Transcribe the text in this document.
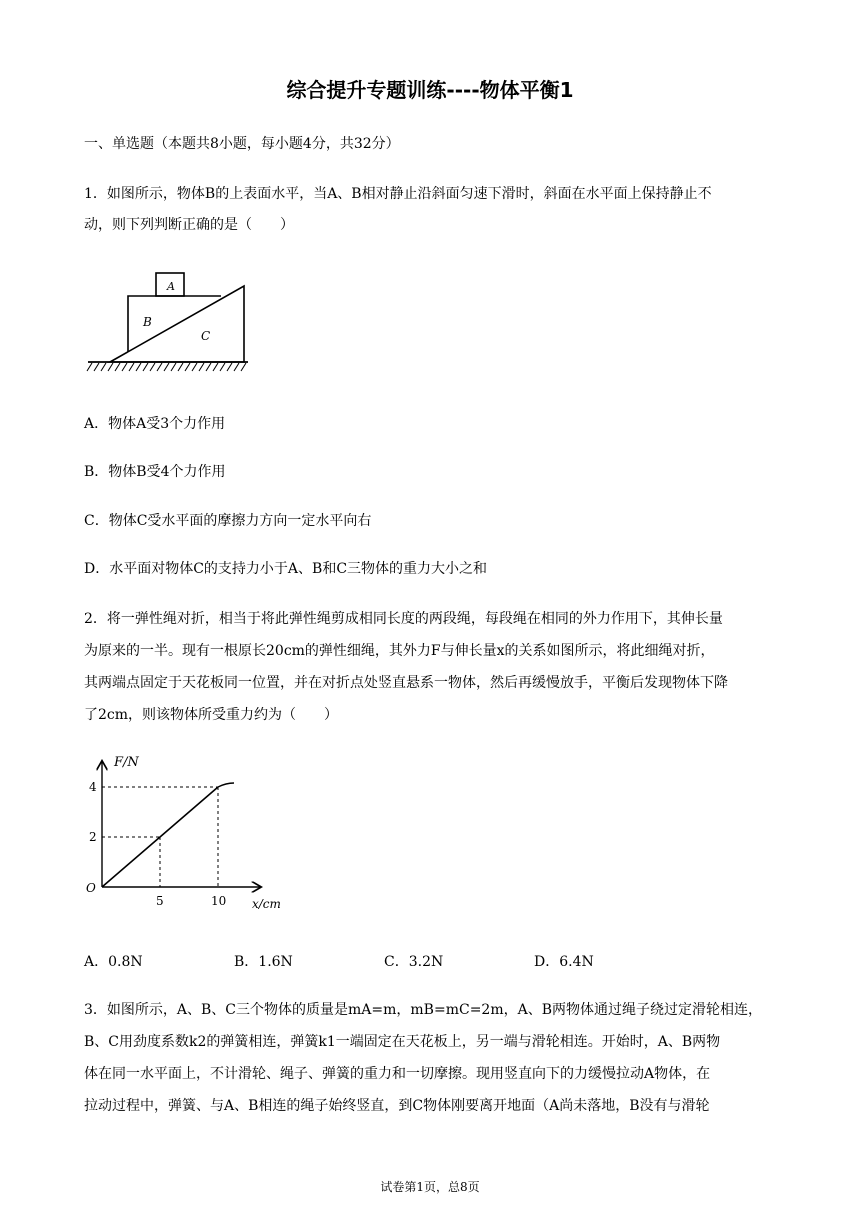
综合提升专题训练----物体平衡1
一、单选题（本题共8小题，每小题4分，共32分）
1．如图所示，物体B的上表面水平，当A、B相对静止沿斜面匀速下滑时，斜面在水平面上保持静止不
动，则下列判断正确的是（　　）
A
B
C
A．物体A受3个力作用
B．物体B受4个力作用
C．物体C受水平面的摩擦力方向一定水平向右
D．水平面对物体C的支持力小于A、B和C三物体的重力大小之和
2．将一弹性绳对折，相当于将此弹性绳剪成相同长度的两段绳，每段绳在相同的外力作用下，其伸长量
为原来的一半。现有一根原长20cm的弹性细绳，其外力F与伸长量x的关系如图所示，将此细绳对折，
其两端点固定于天花板同一位置，并在对折点处竖直悬系一物体，然后再缓慢放手，平衡后发现物体下降
了2cm，则该物体所受重力约为（　　）
5	10
2
4
F/N
x/cm
O
A．0.8N	B．1.6N	C．3.2N	D．6.4N
3．如图所示，A、B、C三个物体的质量是mA=m，mB=mC=2m，A、B两物体通过绳子绕过定滑轮相连，
B、C用劲度系数k2的弹簧相连，弹簧k1一端固定在天花板上，另一端与滑轮相连。开始时，A、B两物
体在同一水平面上，不计滑轮、绳子、弹簧的重力和一切摩擦。现用竖直向下的力缓慢拉动A物体，在
拉动过程中，弹簧、与A、B相连的绳子始终竖直，到C物体刚要离开地面（A尚未落地，B没有与滑轮
试卷第1页，总8页
